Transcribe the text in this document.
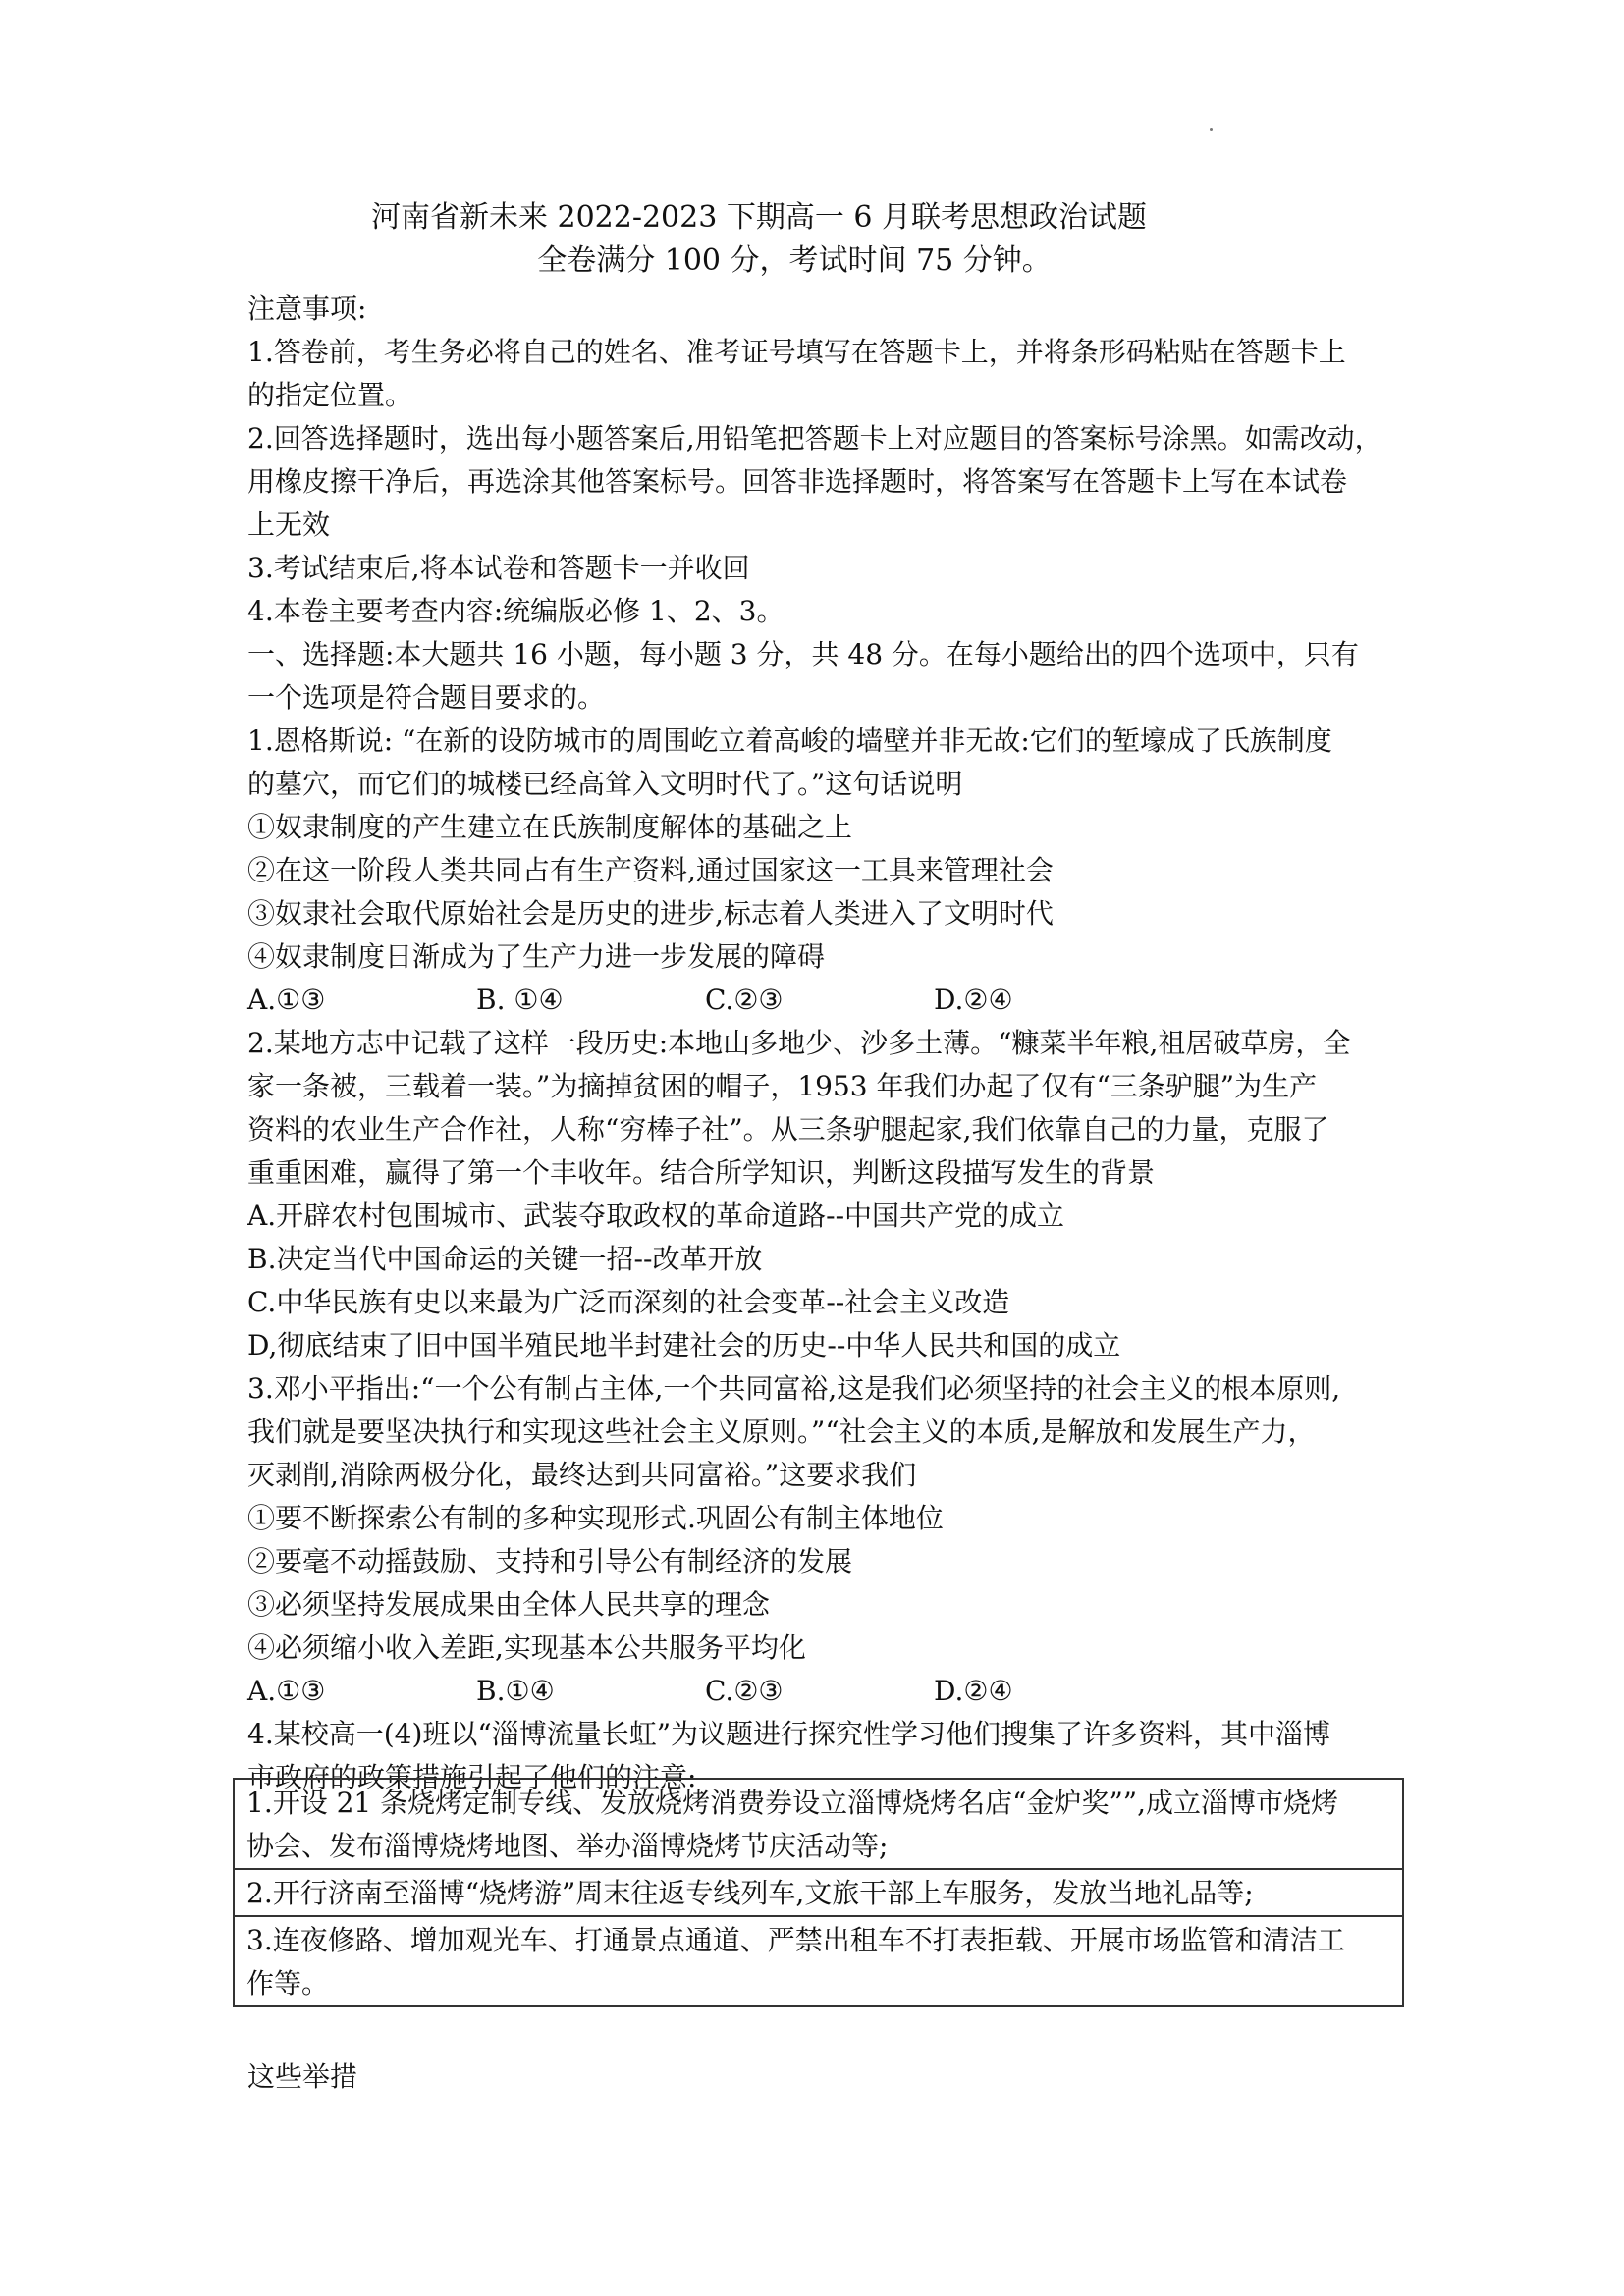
河南省新未来 2022-2023 下期高一 6 月联考思想政治试题
全卷满分 100 分，考试时间 75 分钟。
注意事项:
1.答卷前，考生务必将自己的姓名、准考证号填写在答题卡上，并将条形码粘贴在答题卡上
的指定位置。
2.回答选择题时，选出每小题答案后,用铅笔把答题卡上对应题目的答案标号涂黑。如需改动，
用橡皮擦干净后，再选涂其他答案标号。回答非选择题时，将答案写在答题卡上写在本试卷
上无效
3.考试结束后,将本试卷和答题卡一并收回
4.本卷主要考查内容:统编版必修 1、2、3。
一、选择题:本大题共 16 小题，每小题 3 分，共 48 分。在每小题给出的四个选项中，只有
一个选项是符合题目要求的。
1.恩格斯说: “在新的设防城市的周围屹立着高峻的墙壁并非无故:它们的堑壕成了氏族制度
的墓穴，而它们的城楼已经高耸入文明时代了。”这句话说明
①奴隶制度的产生建立在氏族制度解体的基础之上
②在这一阶段人类共同占有生产资料,通过国家这一工具来管理社会
③奴隶社会取代原始社会是历史的进步,标志着人类进入了文明时代
④奴隶制度日渐成为了生产力进一步发展的障碍
A.①③	B. ①④	C.②③	D.②④
2.某地方志中记载了这样一段历史:本地山多地少、沙多土薄。“糠菜半年粮,祖居破草房，全
家一条被，三载着一装。”为摘掉贫困的帽子，1953 年我们办起了仅有“三条驴腿”为生产
资料的农业生产合作社，人称“穷棒子社”。从三条驴腿起家,我们依靠自己的力量，克服了
重重困难，赢得了第一个丰收年。结合所学知识，判断这段描写发生的背景
A.开辟农村包围城市、武装夺取政权的革命道路--中国共产党的成立
B.决定当代中国命运的关键一招--改革开放
C.中华民族有史以来最为广泛而深刻的社会变革--社会主义改造
D,彻底结束了旧中国半殖民地半封建社会的历史--中华人民共和国的成立
3.邓小平指出:“一个公有制占主体,一个共同富裕,这是我们必须坚持的社会主义的根本原则,
我们就是要坚决执行和实现这些社会主义原则。”“社会主义的本质,是解放和发展生产力，
灭剥削,消除两极分化，最终达到共同富裕。”这要求我们
①要不断探索公有制的多种实现形式.巩固公有制主体地位
②要毫不动摇鼓励、支持和引导公有制经济的发展
③必须坚持发展成果由全体人民共享的理念
④必须缩小收入差距,实现基本公共服务平均化
A.①③	B.①④	C.②③	D.②④
4.某校高一(4)班以“淄博流量长虹”为议题进行探究性学习他们搜集了许多资料，其中淄博
市政府的政策措施引起了他们的注意:
1.开设 21 条烧烤定制专线、发放烧烤消费券设立淄博烧烤名店“金炉奖””,成立淄博市烧烤
协会、发布淄博烧烤地图、举办淄博烧烤节庆活动等;
2.开行济南至淄博“烧烤游”周末往返专线列车,文旅干部上车服务，发放当地礼品等;
3.连夜修路、增加观光车、打通景点通道、严禁出租车不打表拒载、开展市场监管和清洁工
作等。
这些举措
